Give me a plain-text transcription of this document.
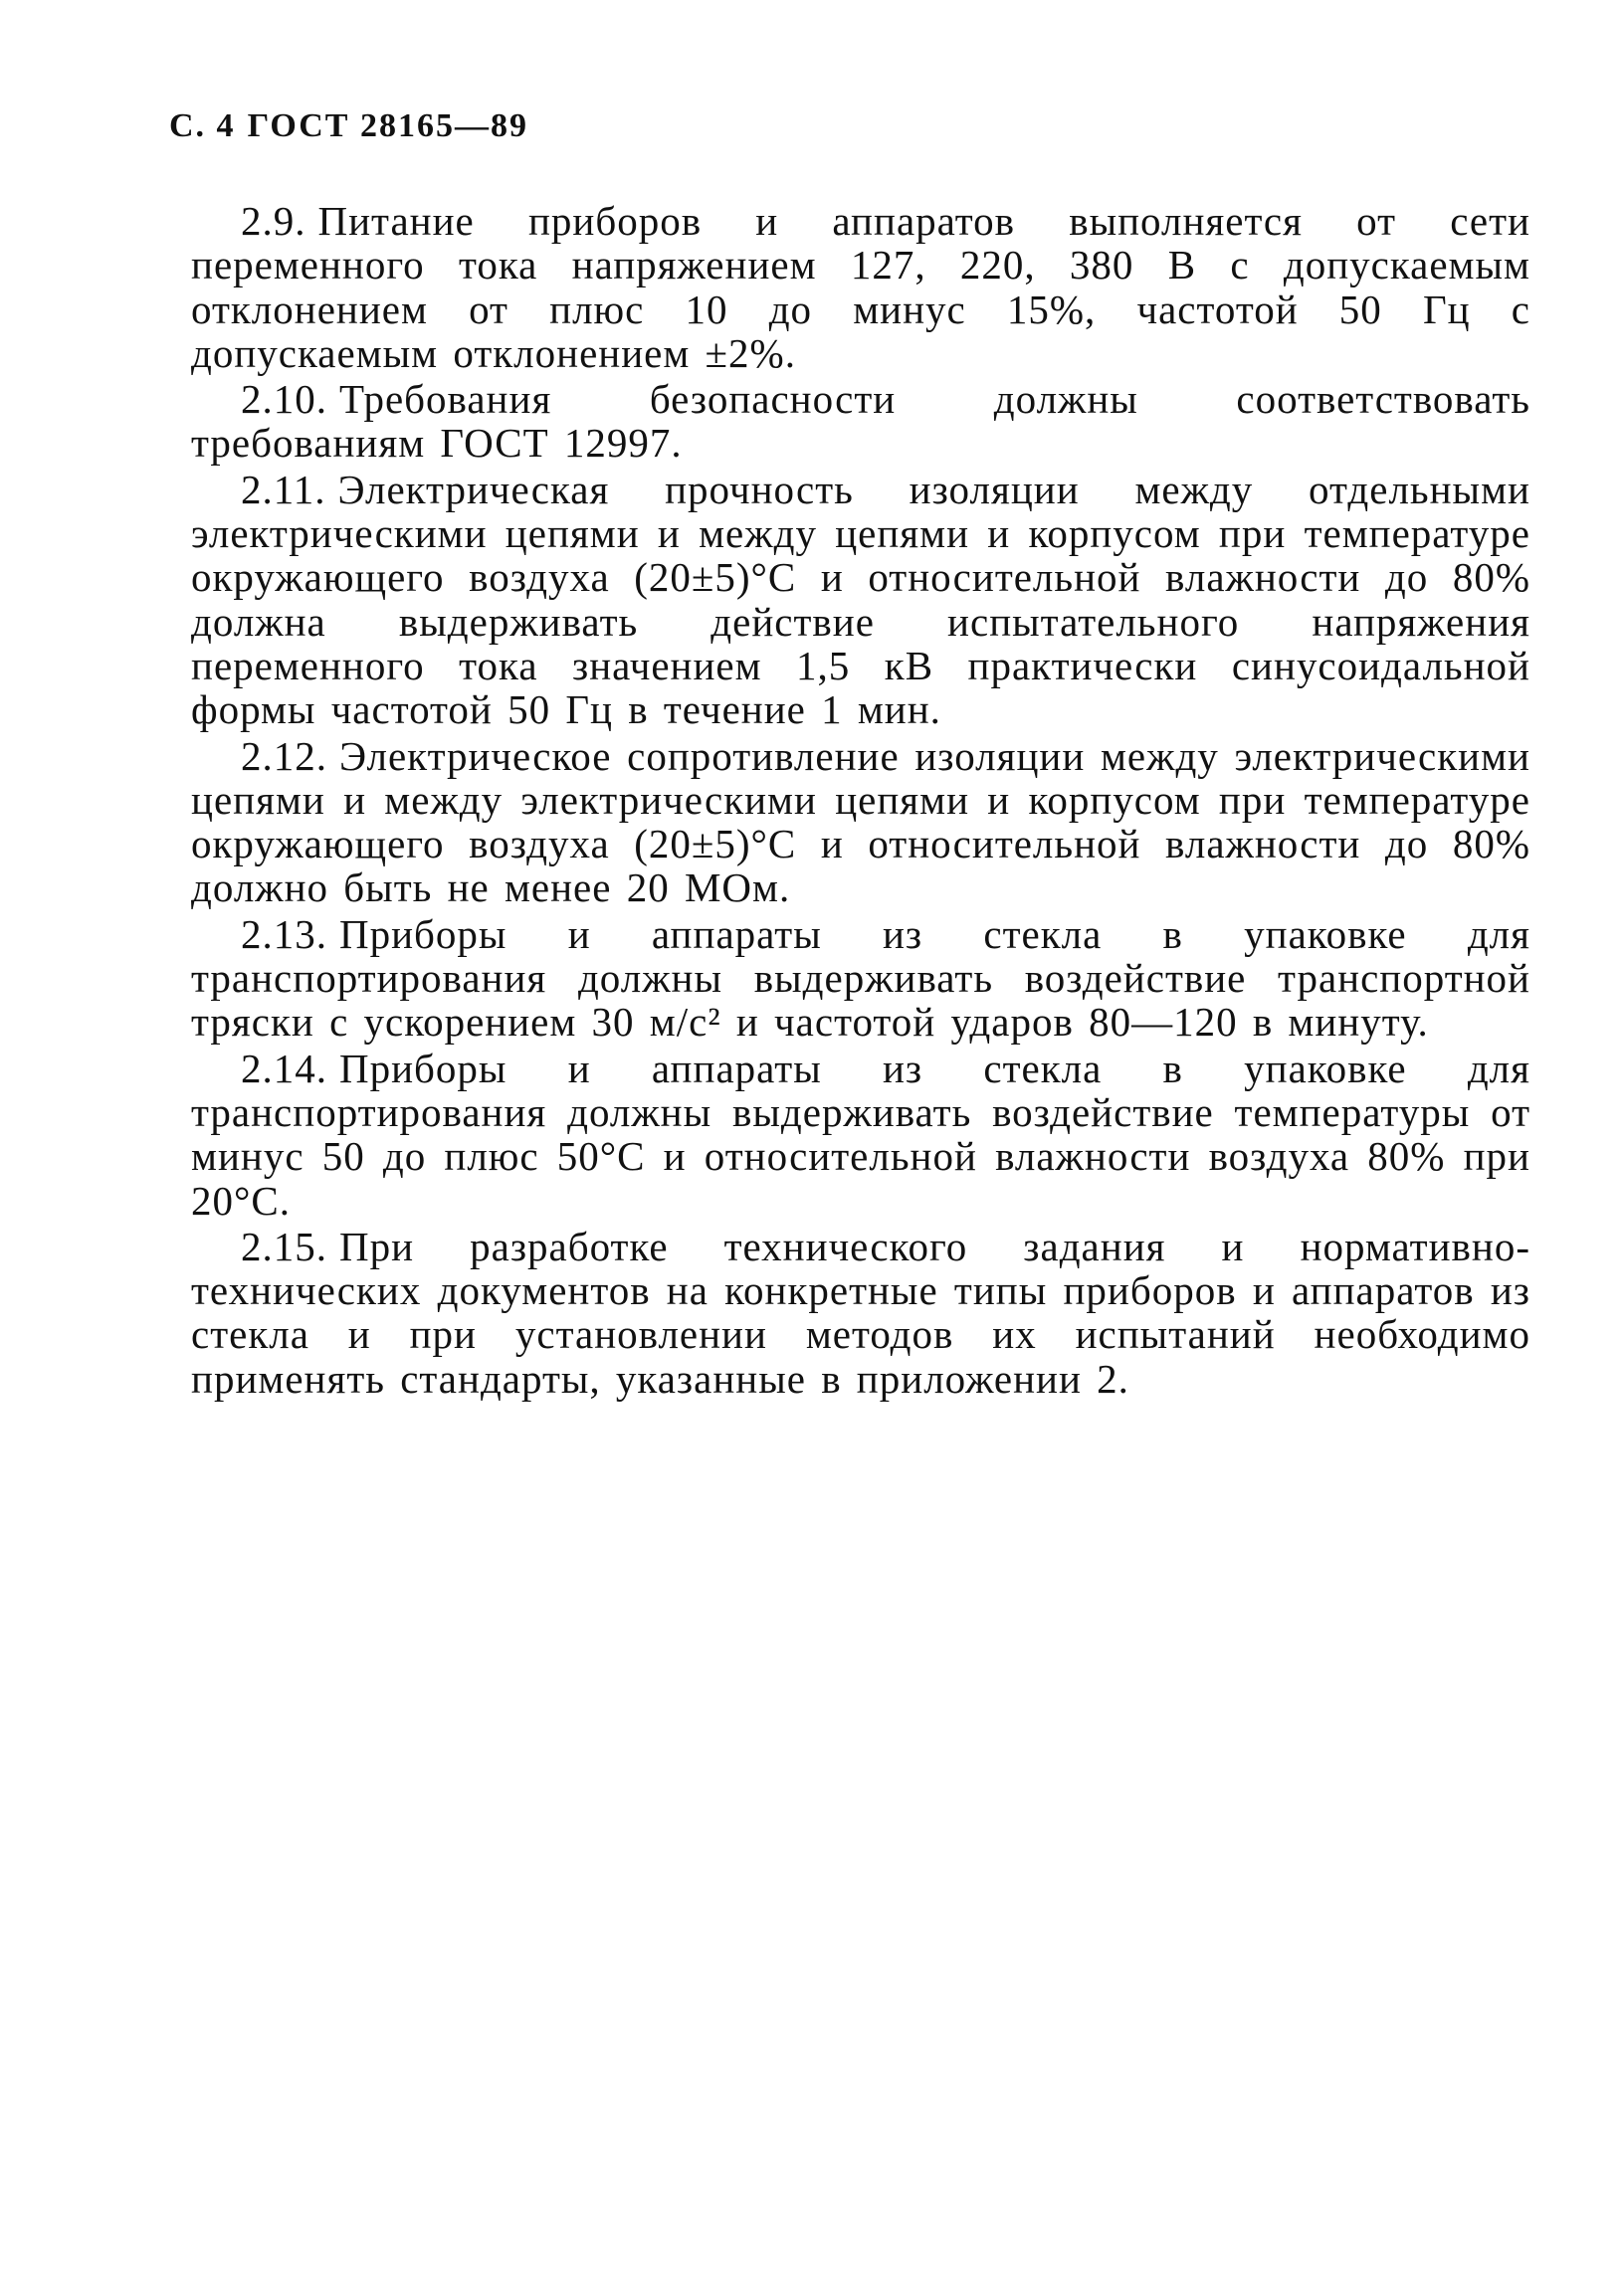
С. 4 ГОСТ 28165—89

2.9. Питание приборов и аппаратов выполняется от сети переменного тока напряжением 127, 220, 380 В с допускаемым отклонением от плюс 10 до минус 15%, частотой 50 Гц с допускаемым отклонением ±2%.

2.10. Требования безопасности должны соответствовать требованиям ГОСТ 12997.

2.11. Электрическая прочность изоляции между отдельными электрическими цепями и между цепями и корпусом при температуре окружающего воздуха (20±5)°C и относительной влажности до 80% должна выдерживать действие испытательного напряжения переменного тока значением 1,5 кВ практически синусоидальной формы частотой 50 Гц в течение 1 мин.

2.12. Электрическое сопротивление изоляции между электрическими цепями и между электрическими цепями и корпусом при температуре окружающего воздуха (20±5)°C и относительной влажности до 80% должно быть не менее 20 МОм.

2.13. Приборы и аппараты из стекла в упаковке для транспортирования должны выдерживать воздействие транспортной тряски с ускорением 30 м/с² и частотой ударов 80—120 в минуту.

2.14. Приборы и аппараты из стекла в упаковке для транспортирования должны выдерживать воздействие температуры от минус 50 до плюс 50°C и относительной влажности воздуха 80% при 20°C.

2.15. При разработке технического задания и нормативно-технических документов на конкретные типы приборов и аппаратов из стекла и при установлении методов их испытаний необходимо применять стандарты, указанные в приложении 2.
